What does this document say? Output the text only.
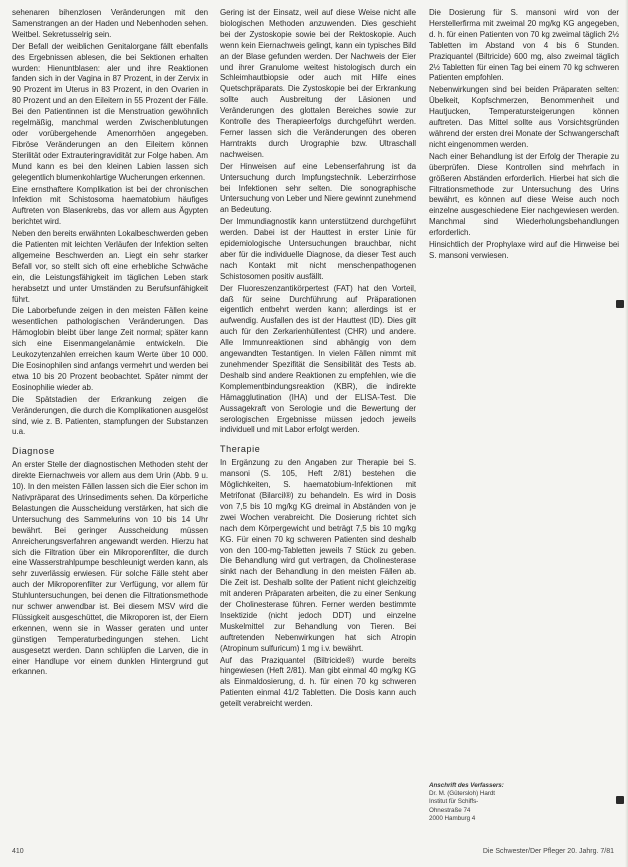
sehenaren bihenzlosen Veränderungen mit den Samenstrangen an der Haden und Nebenhoden sehen. Weitbel. Sekretusselrig sein.

Der Befall der weiblichen Genitalorgane fällt ebenfalls des Ergebnissen ablesen, die bei Sektionen erhalten wurden: Hienuntblasen: aler und ihre Reaktionen fanden sich in der Vagina in 87 Prozent, in der Zervix in 90 Prozent im Uterus in 83 Prozent, in den Ovarien in 80 Prozent und an den Eileitern in 55 Prozent der Fälle. Bei den Patientinnen ist die Menstruation gewöhnlich regelmäßig, manchmal werden Zwischenblutungen oder vorübergehende Amenorrhöen angegeben. Fibröse Veränderungen an den Eileitern können Sterilität oder Extrauteringravidität zur Folge haben. Am Mund kann es bei den kleinen Labien lassen sich gelegentlich blumenkohlartige Wucherungen erkennen.

Eine ernsthaftere Komplikation ist bei der chronischen Infektion mit Schistosoma haematobium häufiges Auftreten von Blasenkrebs, das vor allem aus Ägypten berichtet wird.

Neben den bereits erwähnten Lokalbeschwerden geben die Patienten mit leichten Verläufen der Infektion selten allgemeine Beschwerden an. Liegt ein sehr starker Befall vor, so stellt sich oft eine erhebliche Schwäche ein, die Leistungsfähigkeit im täglichen Leben stark herabsetzt und unter Umständen zu Berufsunfähigkeit führt.

Die Laborbefunde zeigen in den meisten Fällen keine wesentlichen pathologischen Veränderungen. Das Hämoglobin bleibt über lange Zeit normal; später kann sich eine Eisenmangelanämie entwickeln. Die Leukozytenzahlen erreichen kaum Werte über 10 000. Die Eosinophilen sind anfangs vermehrt und werden bei etwa 10 bis 20 Prozent beobachtet. Später nimmt der Eosinophilie wieder ab.

Die Spätstadien der Erkrankung zeigen die Veränderungen, die durch die Komplikationen ausgelöst sind, wie z. B. Patienten, stampfungen der Substanzen u.a.

Diagnose

An erster Stelle der diagnostischen Methoden steht der direkte Eiernachweis vor allem aus dem Urin (Abb. 9 u. 10). In den meisten Fällen lassen sich die Eier schon im Nativpräparat des Urinsediments sehen. Da körperliche Belastungen die Ausscheidung verstärken, hat sich die Untersuchung des Sammelurins von 10 bis 14 Uhr bewährt. Bei geringer Ausscheidung müssen Anreicherungsverfahren angewandt werden. Hierzu hat sich die Filtration über ein Mikroporenfilter, die durch eine Wasserstrahlpumpe beschleunigt werden kann, als sehr zuverlässig erwiesen. Für solche Fälle steht aber auch der Mikroporenfilter zur Verfügung, vor allem für Stuhluntersuchungen, bei denen die Filtrationsmethode nur schwer anwendbar ist. Bei diesem MSV wird die Flüssigkeit ausgeschüttet, die Mikroporen ist, der Eiern erkennen, wenn sie in Wasser geraten und unter günstigen Temperaturbedingungen stehen. Licht ausgesetzt werden. Dann schlüpfen die Larven, die in einer Handlupe vor einem dunklen Hintergrund gut erkannen.

Gering ist der Einsatz, weil auf diese Weise nicht alle biologischen Methoden anzuwenden. Dies geschieht bei der Zystoskopie sowie bei der Rektoskopie. Auch wenn kein Eiernachweis gelingt, kann ein typisches Bild an der Blase gefunden werden. Der Nachweis der Eier und ihrer Granulome weitest histologisch durch ein Schleimhautbiopsie oder auch mit Hilfe eines Quetschpräparats. Die Zystoskopie bei der Erkrankung sollte auch Ausbreitung der Läsionen und Veränderungen des glottalen Bereiches sowie zur Kontrolle des Therapieerfolgs durchgeführt werden. Ferner lassen sich die Veränderungen des oberen Harntrakts durch Urographie bzw. Ultraschall nachweisen.

Der Hinweisen auf eine Lebenserfahrung ist da Untersuchung durch Impfungstechnik. Leberzirrhose bei Infektionen sehr selten. Die sonographische Untersuchung von Leber und Niere gewinnt zunehmend an Bedeutung.

Der Immundiagnostik kann unterstützend durchgeführt werden. Dabei ist der Hauttest in erster Linie für epidemiologische Untersuchungen brauchbar, nicht aber für die individuelle Diagnose, da dieser Test auch nach Kontakt mit nicht menschenpathogenen Schistosomen positiv ausfällt.

Der Fluoreszenzantikörpertest (FAT) hat den Vorteil, daß für seine Durchführung auf Präparationen eigentlich entbehrt werden kann; allerdings ist er aufwendig. Ausfallen des ist der Hauttest (ID). Dies gilt auch für den Zerkarienhüllentest (CHR) und andere. Alle Immunreaktionen sind abhängig von dem angewandten Testantigen. In vielen Fällen nimmt mit zunehmender Spezifität die Sensibilität des Tests ab. Deshalb sind andere Reaktionen zu empfehlen, wie die Komplementbindungsreaktion (KBR), die indirekte Hämagglutination (IHA) und der ELISA-Test. Die Aussagekraft von Serologie und die Bewertung der serologischen Ergebnisse müssen jedoch jeweils individuell und mit Labor erfolgt werden.

Therapie

In Ergänzung zu den Angaben zur Therapie bei S. mansoni (S. 105, Heft 2/81) bestehen die Möglichkeiten, S. haematobium-Infektionen mit Metrifonat (Bilarcil®) zu behandeln. Es wird in Dosis von 7,5 bis 10 mg/kg KG dreimal in Abständen von je zwei Wochen verabreicht. Die Dosierung richtet sich nach dem Körpergewicht und beträgt 7,5 bis 10 mg/kg KG. Für einen 70 kg schweren Patienten sind deshalb von den 100-mg-Tabletten jeweils 7 Stück zu geben. Die Behandlung wird gut vertragen, da Cholinesterase sinkt nach der Behandlung in den meisten Fällen ab. Die Zeit ist. Deshalb sollte der Patient nicht gleichzeitig mit anderen Präparaten arbeiten, die zu einer Senkung der Cholinesterase führen. Ferner werden bestimmte Insektizide (nicht jedoch DDT) und einzelne Muskelmittel zur Behandlung von Tieren. Bei auftretenden Nebenwirkungen hat sich Atropin (Atropinum sulfuricum) 1 mg i.v. bewährt.

Auf das Praziquantel (Biltricide®) wurde bereits hingewiesen (Heft 2/81). Man gibt einmal 40 mg/kg KG als Einmaldosierung, d. h. für einen 70 kg schweren Patienten einmal 41/2 Tabletten. Die Dosis kann auch geteilt verabreicht werden.

Die Dosierung für S. mansoni wird von der Herstellerfirma mit zweimal 20 mg/kg KG angegeben, d. h. für einen Patienten von 70 kg zweimal täglich 2½ Tabletten im Abstand von 4 bis 6 Stunden. Praziquantel (Biltricide) 600 mg, also zweimal täglich 2½ Tabletten für einen Tag bei einem 70 kg schweren Patienten empfohlen.

Nebenwirkungen sind bei beiden Präparaten selten: Übelkeit, Kopfschmerzen, Benommenheit und Hautjucken, Temperatursteigerungen können auftreten. Das Mittel sollte aus Vorsichtsgründen während der ersten drei Monate der Schwangerschaft nicht eingenommen werden.

Nach einer Behandlung ist der Erfolg der Therapie zu überprüfen. Diese Kontrollen sind mehrfach in größeren Abständen erforderlich. Hierbei hat sich die Filtrationsmethode zur Untersuchung des Urins bewährt, es können auf diese Weise auch noch einzelne ausgeschiedene Eier nachgewiesen werden. Manchmal sind Wiederholungsbehandlungen erforderlich.

Hinsichtlich der Prophylaxe wird auf die Hinweise bei S. mansoni verwiesen.

Anschrift des Verfassers:
Dr. M. (Gütersloh) Hardt
Institut für Schiffs-
Ohnestraße 74
2000 Hamburg 4
410	Die Schwester/Der Pfleger 20. Jahrg. 7/81
